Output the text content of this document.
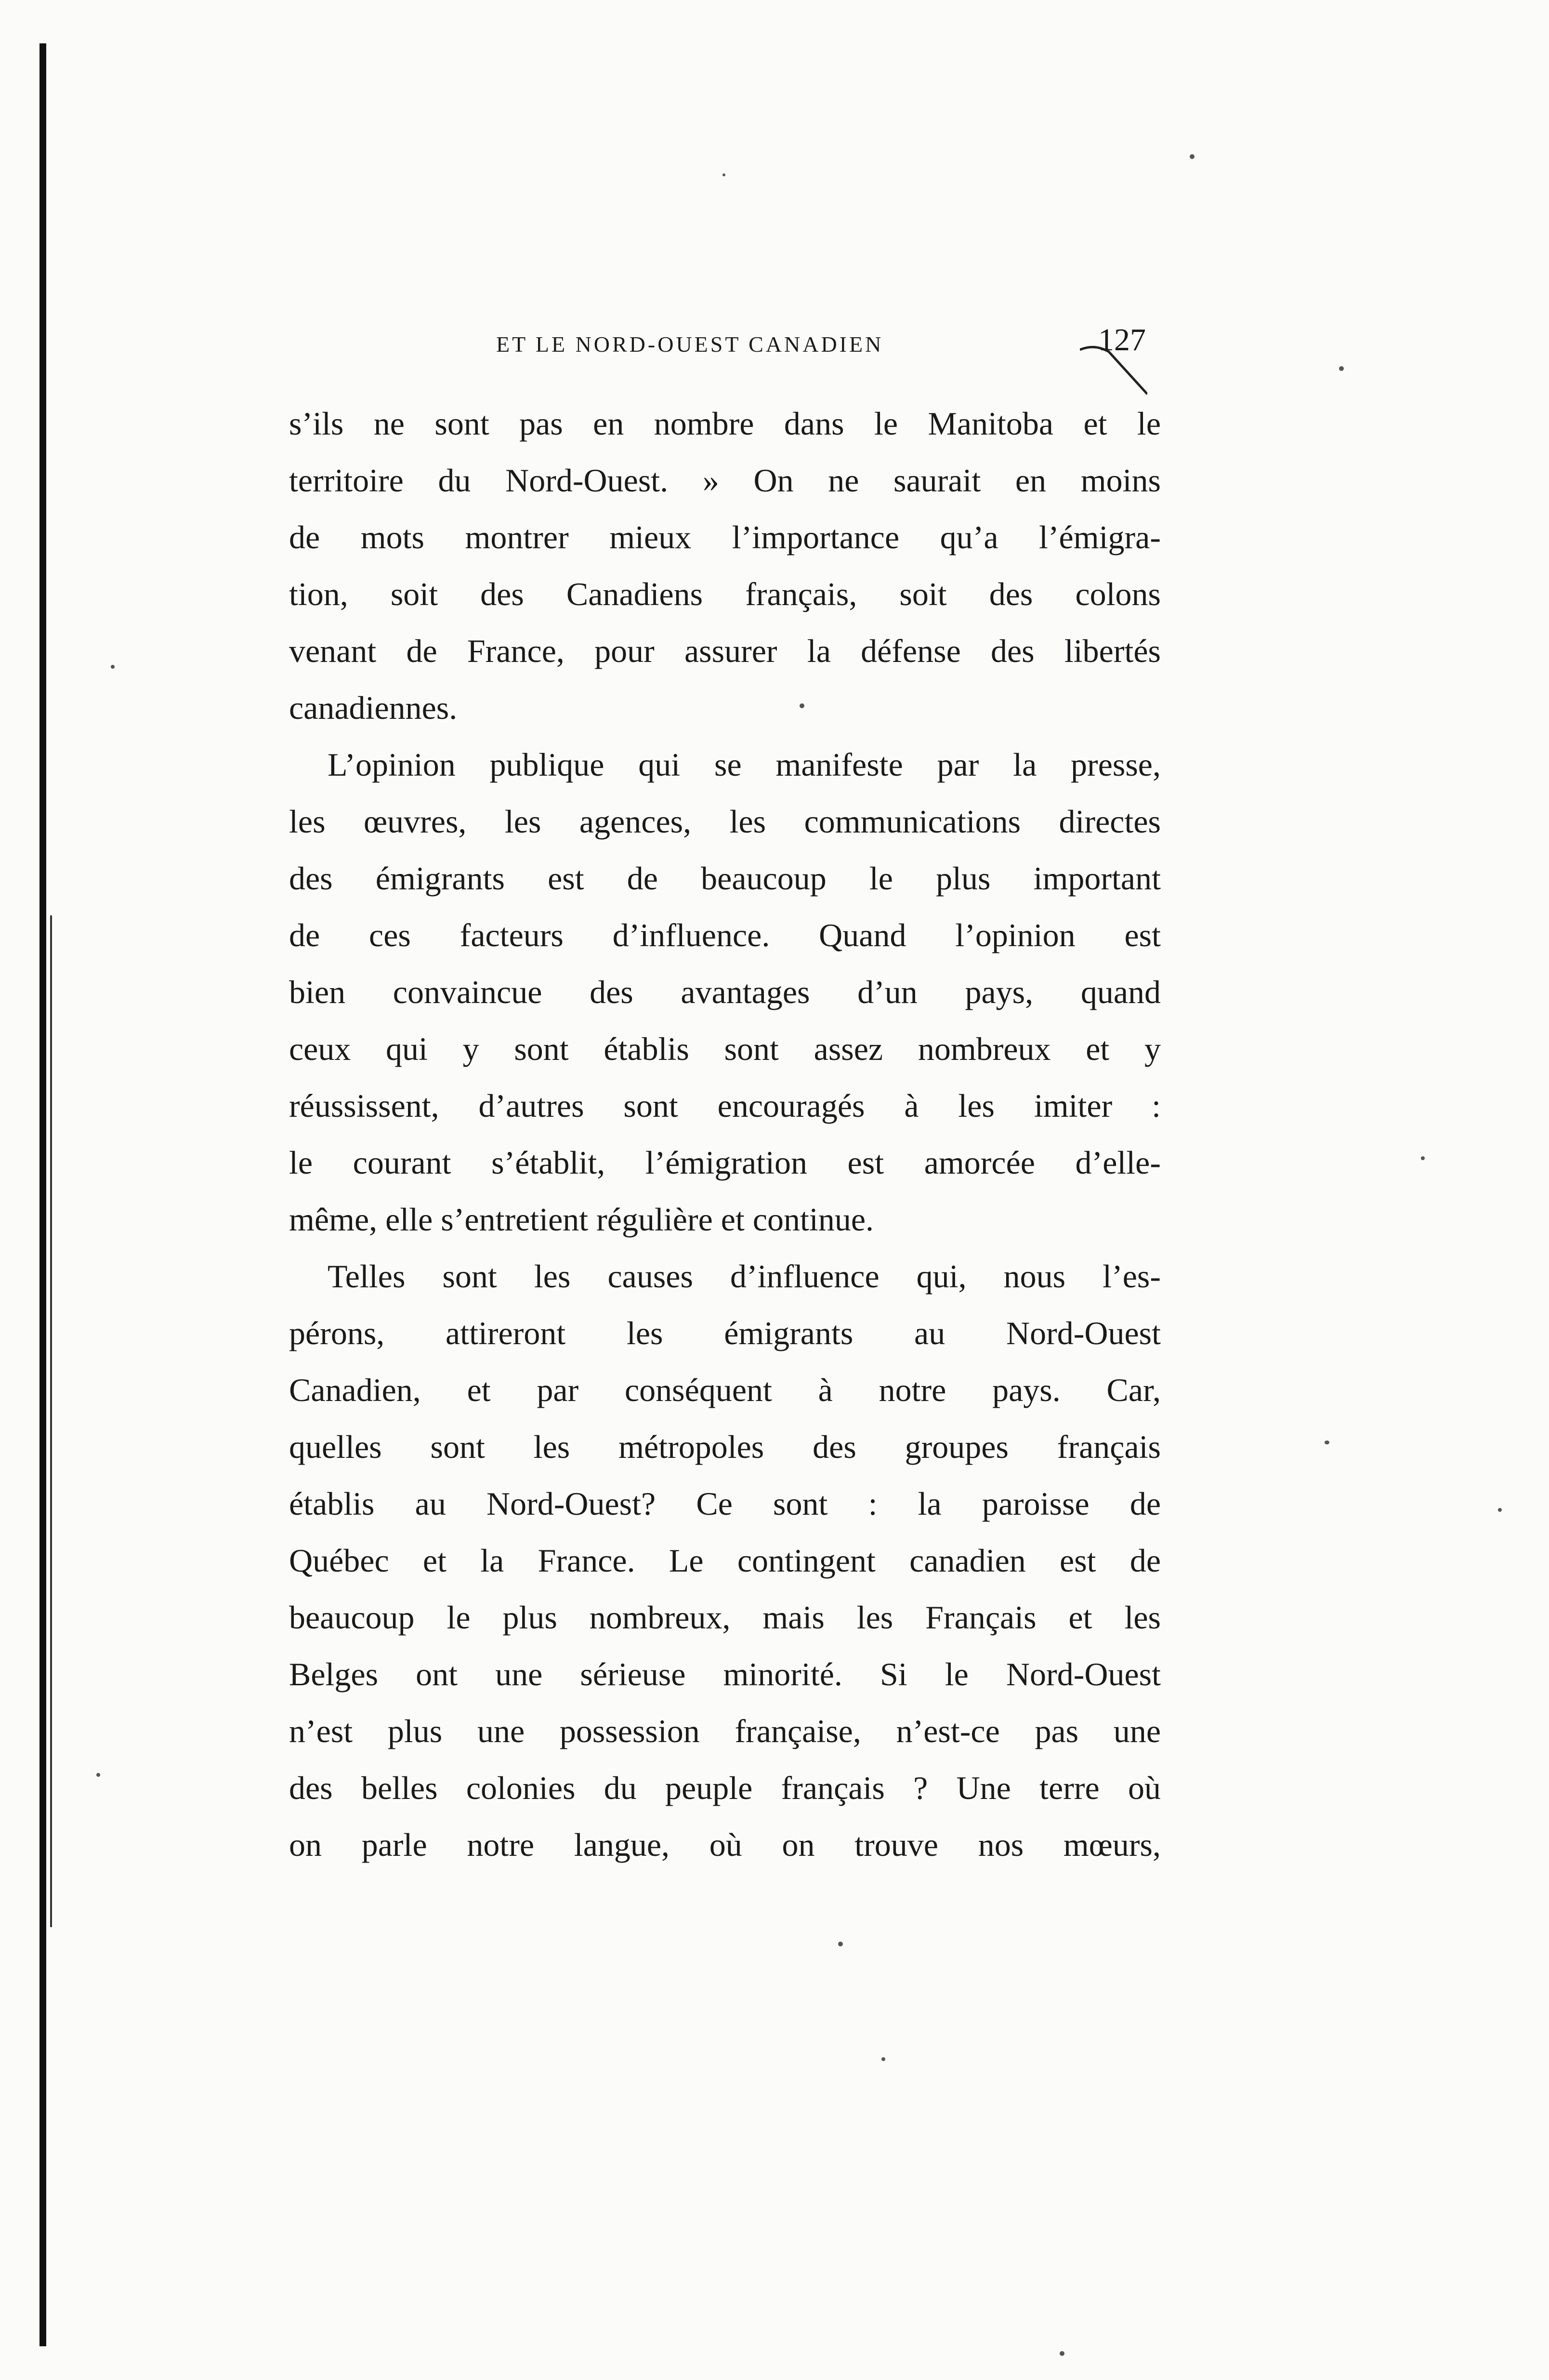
ET LE NORD-OUEST CANADIEN	127
s’ils ne sont pas en nombre dans le Manitoba et le
territoire du Nord-Ouest. » On ne saurait en moins
de mots montrer mieux l’importance qu’a l’émigra-
tion, soit des Canadiens français, soit des colons
venant de France, pour assurer la défense des libertés
canadiennes.
L’opinion publique qui se manifeste par la presse,
les œuvres, les agences, les communications directes
des émigrants est de beaucoup le plus important
de ces facteurs d’influence. Quand l’opinion est
bien convaincue des avantages d’un pays, quand
ceux qui y sont établis sont assez nombreux et y
réussissent, d’autres sont encouragés à les imiter :
le courant s’établit, l’émigration est amorcée d’elle-
même, elle s’entretient régulière et continue.
Telles sont les causes d’influence qui, nous l’es-
pérons, attireront les émigrants au Nord-Ouest
Canadien, et par conséquent à notre pays. Car,
quelles sont les métropoles des groupes français
établis au Nord-Ouest? Ce sont : la paroisse de
Québec et la France. Le contingent canadien est de
beaucoup le plus nombreux, mais les Français et les
Belges ont une sérieuse minorité. Si le Nord-Ouest
n’est plus une possession française, n’est-ce pas une
des belles colonies du peuple français ? Une terre où
on parle notre langue, où on trouve nos mœurs,
